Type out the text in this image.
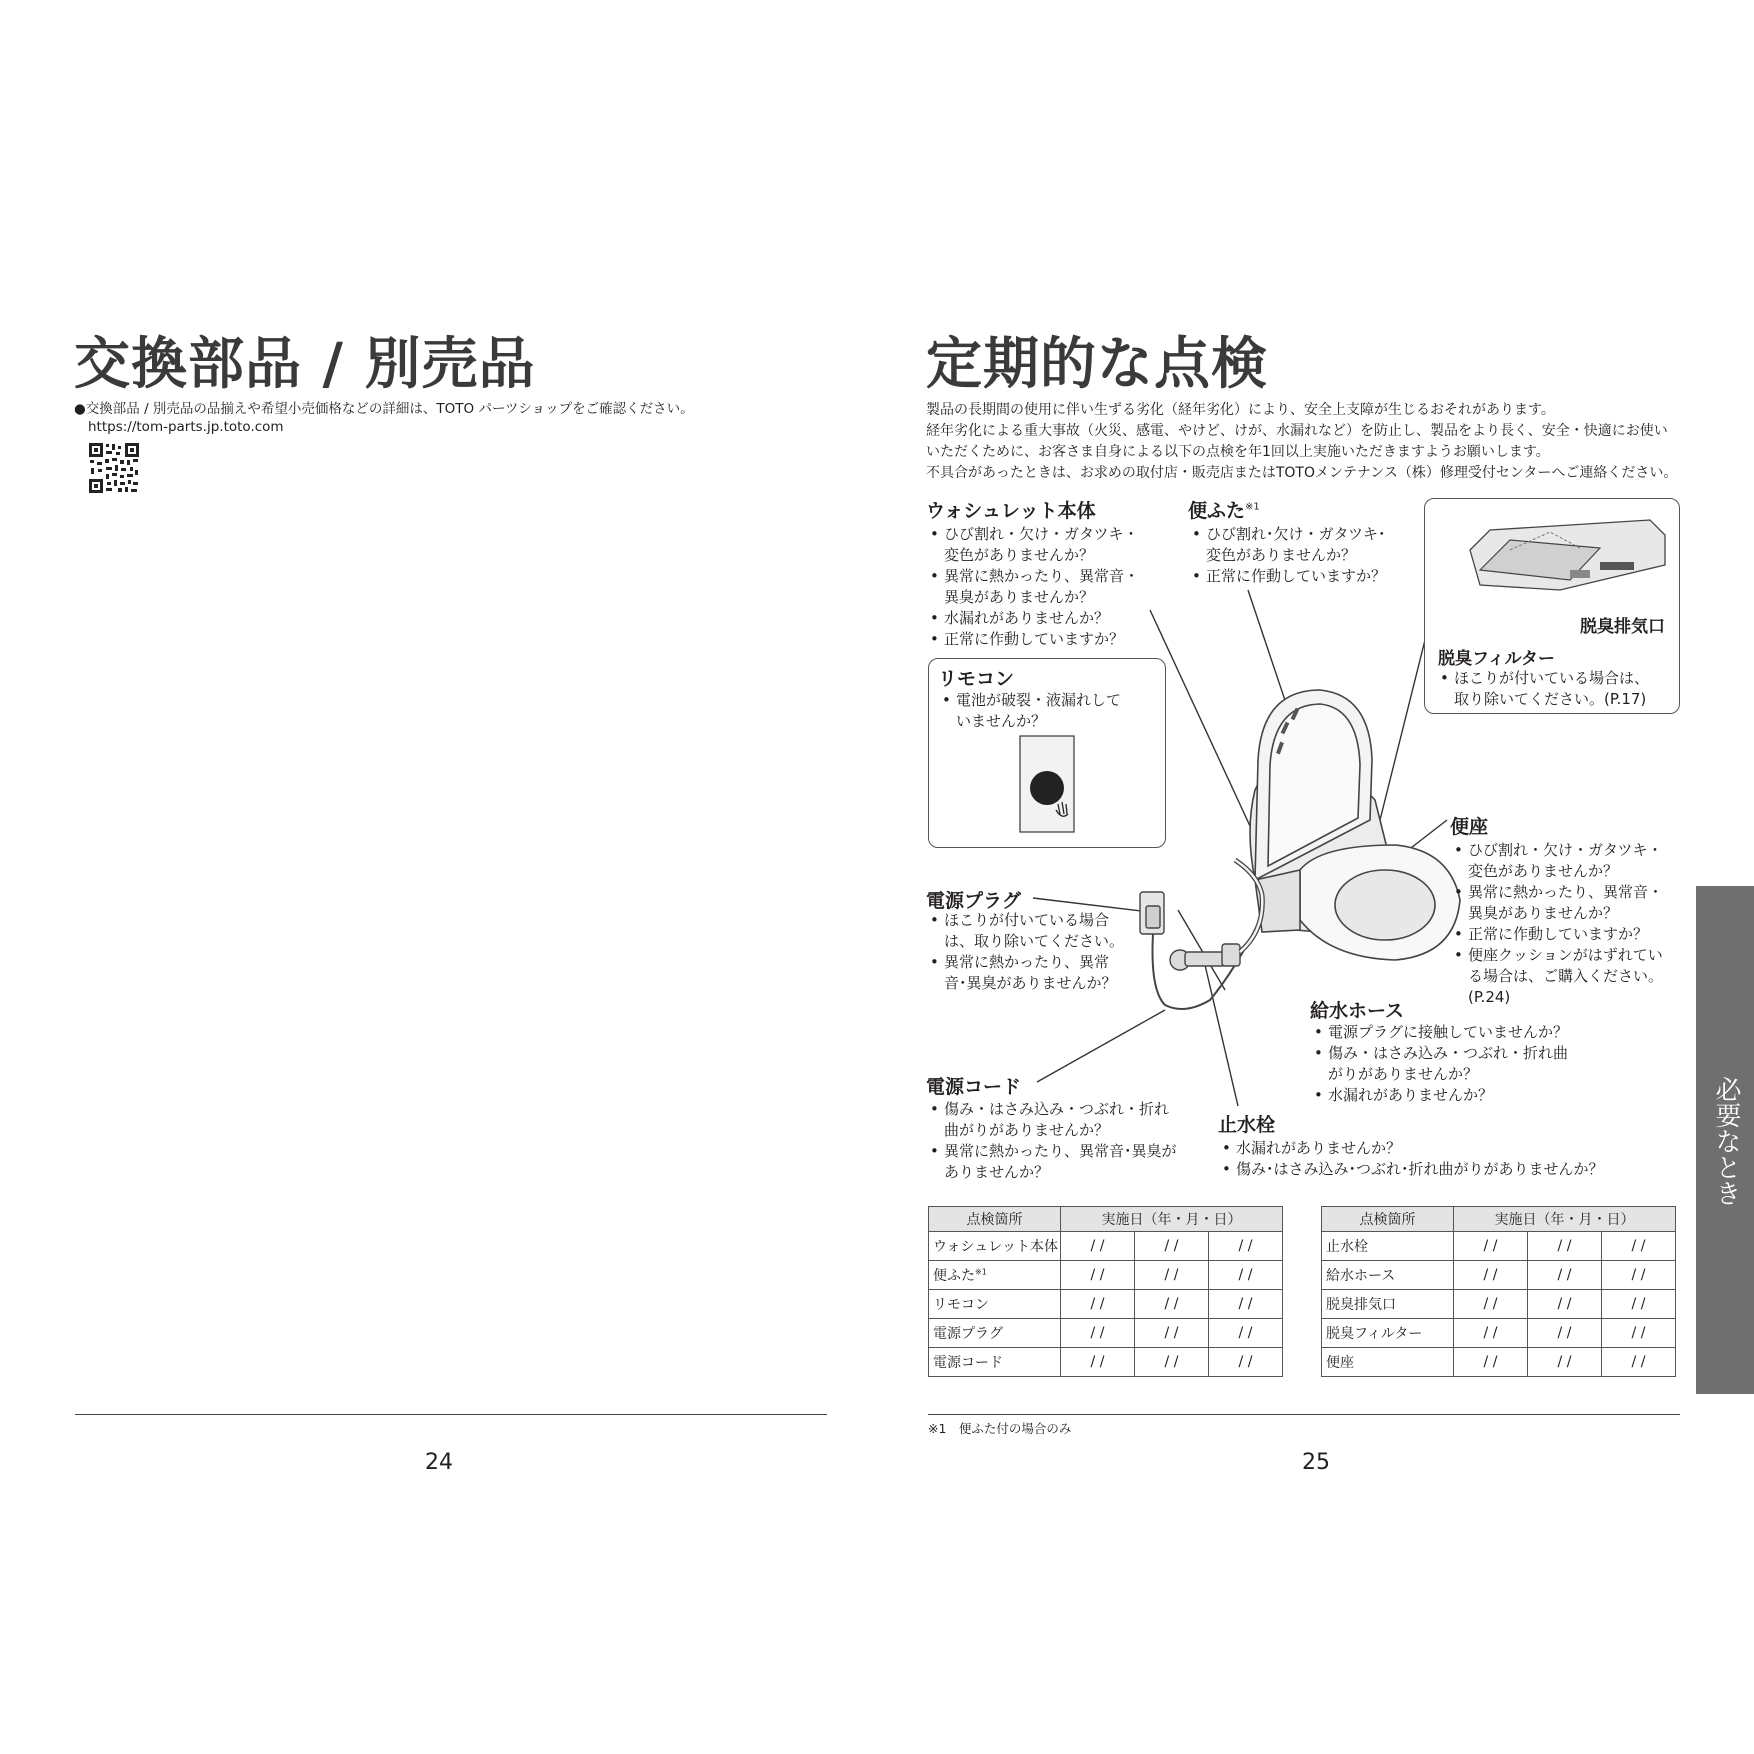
交換部品 / 別売品
●交換部品 / 別売品の品揃えや希望小売価格などの詳細は、TOTO パーツショップをご確認ください。
https://tom-parts.jp.toto.com
24
定期的な点検
製品の長期間の使用に伴い生ずる劣化（経年劣化）により、安全上支障が生じるおそれがあります。
経年劣化による重大事故（火災、感電、やけど、けが、水漏れなど）を防止し、製品をより長く、安全・快適にお使い
いただくために、お客さま自身による以下の点検を年1回以上実施いただきますようお願いします。
不具合があったときは、お求めの取付店・販売店またはTOTOメンテナンス（株）修理受付センターへご連絡ください。
ウォシュレット本体
• ひび割れ・欠け・ガタツキ・
変色がありませんか？
• 異常に熱かったり、異常音・
異臭がありませんか？
• 水漏れがありませんか？
• 正常に作動していますか？
便ふた$^{※1}$
• ひび割れ･欠け・ガタツキ･
変色がありませんか？
• 正常に作動していますか？
脱臭排気口
脱臭フィルター
• ほこりが付いている場合は、
取り除いてください。(P.17)
リモコン
• 電池が破裂・液漏れして
いませんか？
便座
• ひび割れ・欠け・ガタツキ・
変色がありませんか？
• 異常に熱かったり、異常音・
異臭がありませんか？
• 正常に作動していますか？
• 便座クッションがはずれてい
る場合は、ご購入ください。
(P.24)
電源プラグ
• ほこりが付いている場合
は、取り除いてください。
• 異常に熱かったり、異常
音･異臭がありませんか？
給水ホース
• 電源プラグに接触していませんか？
• 傷み・はさみ込み・つぶれ・折れ曲
がりがありませんか？
• 水漏れがありませんか？
電源コード
• 傷み・はさみ込み・つぶれ・折れ
曲がりがありませんか？
• 異常に熱かったり、異常音･異臭が
ありませんか？
止水栓
• 水漏れがありませんか？
• 傷み･はさみ込み･つぶれ･折れ曲がりがありませんか？
点検箇所	実施日（年・月・日）		
ウォシュレット本体	/ /	/ /	/ /
便ふた$^{※1}$	/ /	/ /	/ /
リモコン	/ /	/ /	/ /
電源プラグ	/ /	/ /	/ /
電源コード	/ /	/ /	/ /
点検箇所	実施日（年・月・日）		
止水栓	/ /	/ /	/ /
給水ホース	/ /	/ /	/ /
脱臭排気口	/ /	/ /	/ /
脱臭フィルター	/ /	/ /	/ /
便座	/ /	/ /	/ /
※1　便ふた付の場合のみ
25
必要なとき
